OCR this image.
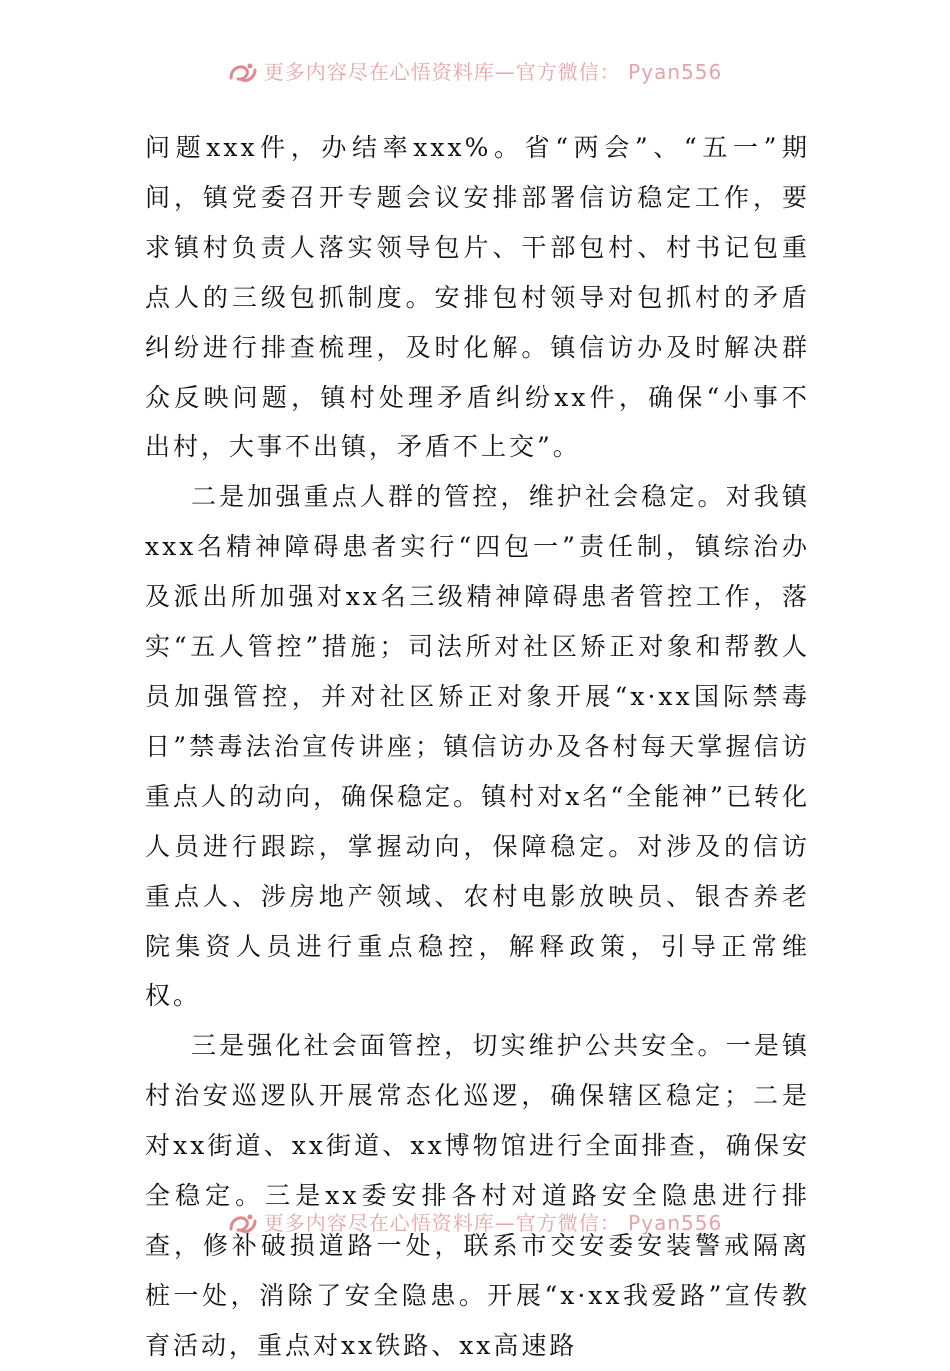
更多内容尽在心悟资料库—官方微信： Pyan556

问题xxx件，办结率xxx%。省“两会”、“五一”期间，镇党委召开专题会议安排部署信访稳定工作，要求镇村负责人落实领导包片、干部包村、村书记包重点人的三级包抓制度。安排包村领导对包抓村的矛盾纠纷进行排查梳理，及时化解。镇信访办及时解决群众反映问题，镇村处理矛盾纠纷xx件，确保“小事不出村，大事不出镇，矛盾不上交”。

二是加强重点人群的管控，维护社会稳定。对我镇xxx名精神障碍患者实行“四包一”责任制，镇综治办及派出所加强对xx名三级精神障碍患者管控工作，落实“五人管控”措施；司法所对社区矫正对象和帮教人员加强管控，并对社区矫正对象开展“x·xx国际禁毒日”禁毒法治宣传讲座；镇信访办及各村每天掌握信访重点人的动向，确保稳定。镇村对x名“全能神”已转化人员进行跟踪，掌握动向，保障稳定。对涉及的信访重点人、涉房地产领域、农村电影放映员、银杏养老院集资人员进行重点稳控，解释政策，引导正常维权。

三是强化社会面管控，切实维护公共安全。一是镇村治安巡逻队开展常态化巡逻，确保辖区稳定；二是对xx街道、xx街道、xx博物馆进行全面排查，确保安全稳定。三是xx委安排各村对道路安全隐患进行排查，修补破损道路一处，联系市交安委安装警戒隔离桩一处，消除了安全隐患。开展“x·xx我爱路”宣传教育活动，重点对xx铁路、xx高速路

更多内容尽在心悟资料库—官方微信： Pyan556
